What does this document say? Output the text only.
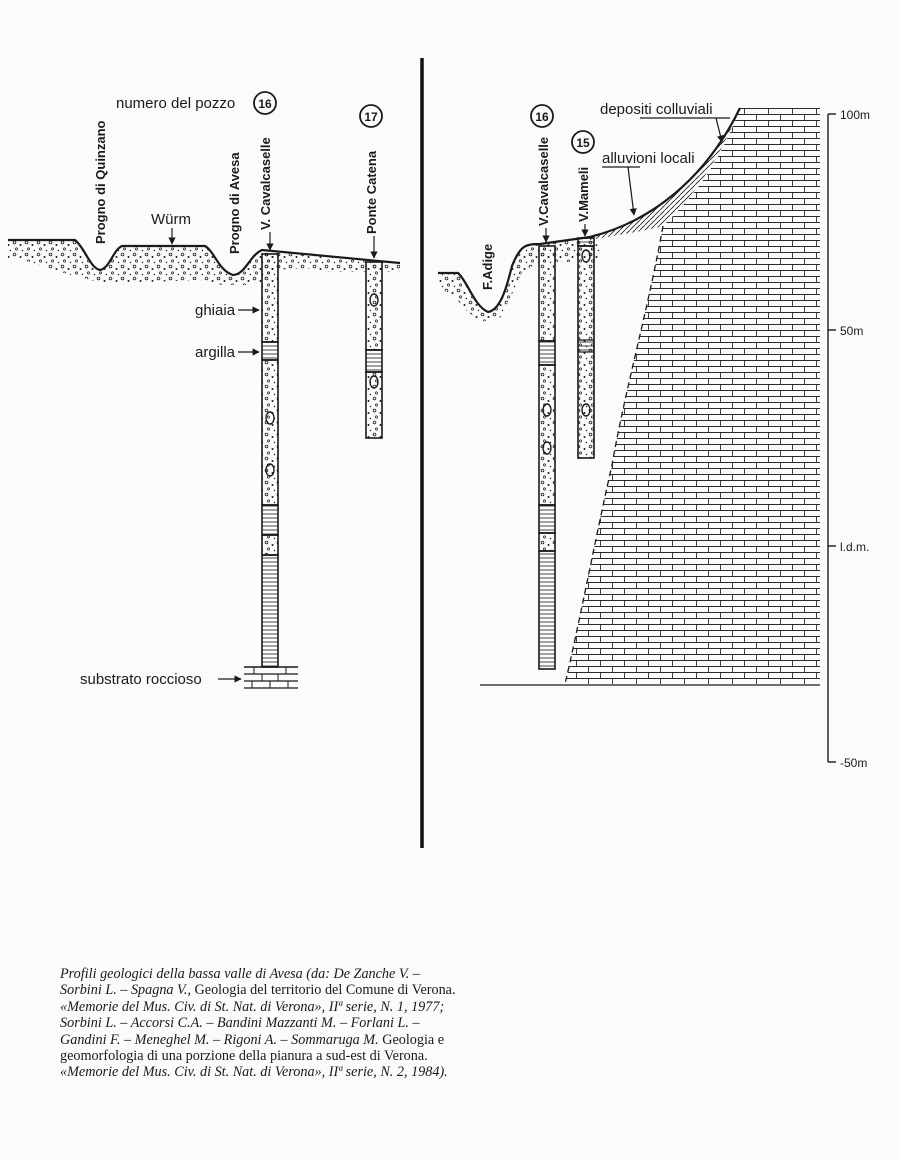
numero del pozzo 16
17
Progno di Quinzano	Progno di Avesa V. Cavalcaselle	Ponte Catena
Würm
ghiaia
argilla
substrato roccioso
16
15
F.Adige
V.Cavalcaselle V.Mameli
depositi colluviali
alluvioni locali
100m
50m
l.d.m.
-50m
Profili geologici della bassa valle di Avesa (da: De Zanche V. – Sorbini L. – Spagna V., Geologia del territorio del Comune di Verona. «Memorie del Mus. Civ. di St. Nat. di Verona», IIª serie, N. 1, 1977; Sorbini L. – Accorsi C.A. – Bandini Mazzanti M. – Forlani L. – Gandini F. – Meneghel M. – Rigoni A. – Sommaruga M. Geologia e geomorfologia di una porzione della pianura a sud-est di Verona. «Memorie del Mus. Civ. di St. Nat. di Verona», IIª serie, N. 2, 1984).
